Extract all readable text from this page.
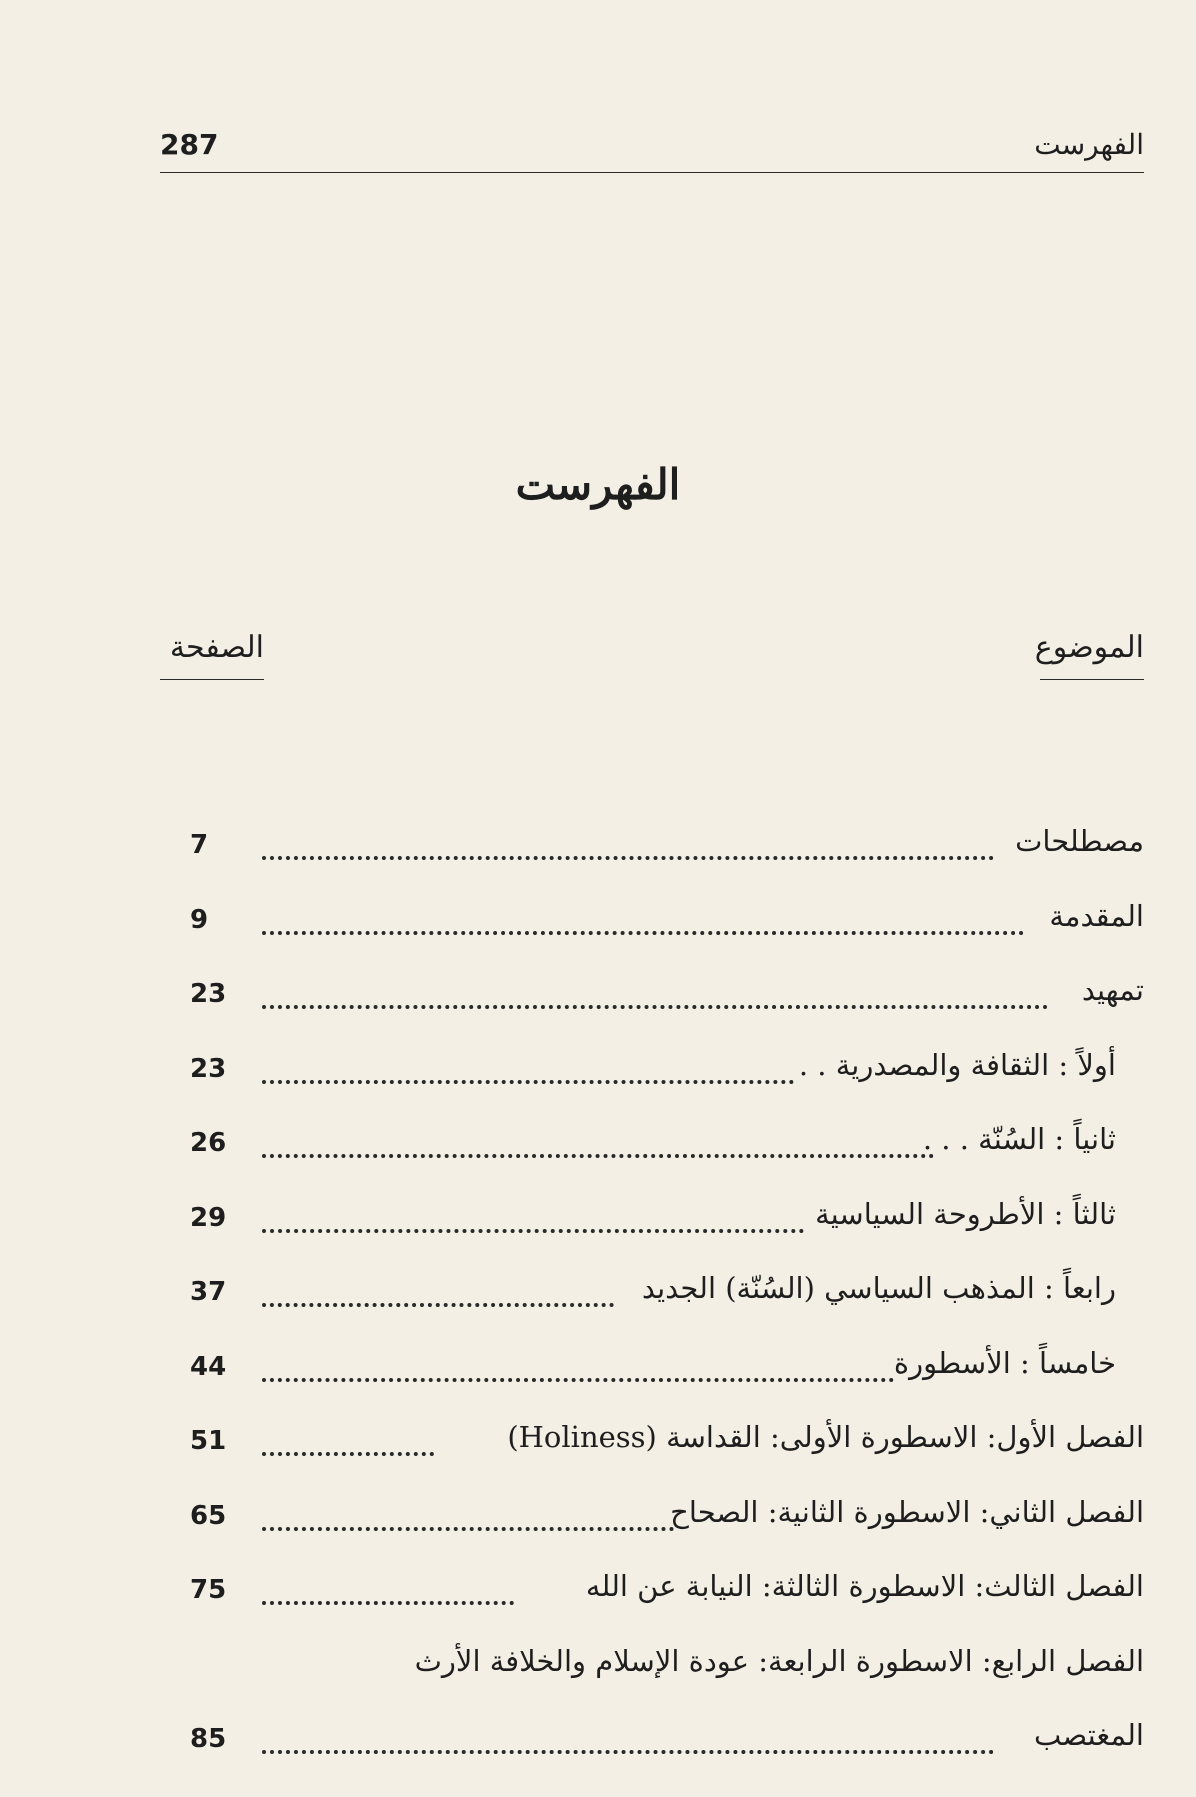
الفهرست
287
الفهرست
الموضوع
الصفحة
7	مصطلحات
9	المقدمة
23	تمهيد
23	أولاً : الثقافة والمصدرية . .
26	ثانياً : السُنّة . . .
29	ثالثاً : الأطروحة السياسية
37	رابعاً : المذهب السياسي (السُنّة) الجديد
44	خامساً : الأسطورة
51	الفصل الأول: الاسطورة الأولى: القداسة (Holiness)
65	الفصل الثاني: الاسطورة الثانية: الصحاح
75	الفصل الثالث: الاسطورة الثالثة: النيابة عن الله
الفصل الرابع: الاسطورة الرابعة: عودة الإسلام والخلافة الأرث
85	المغتصب
